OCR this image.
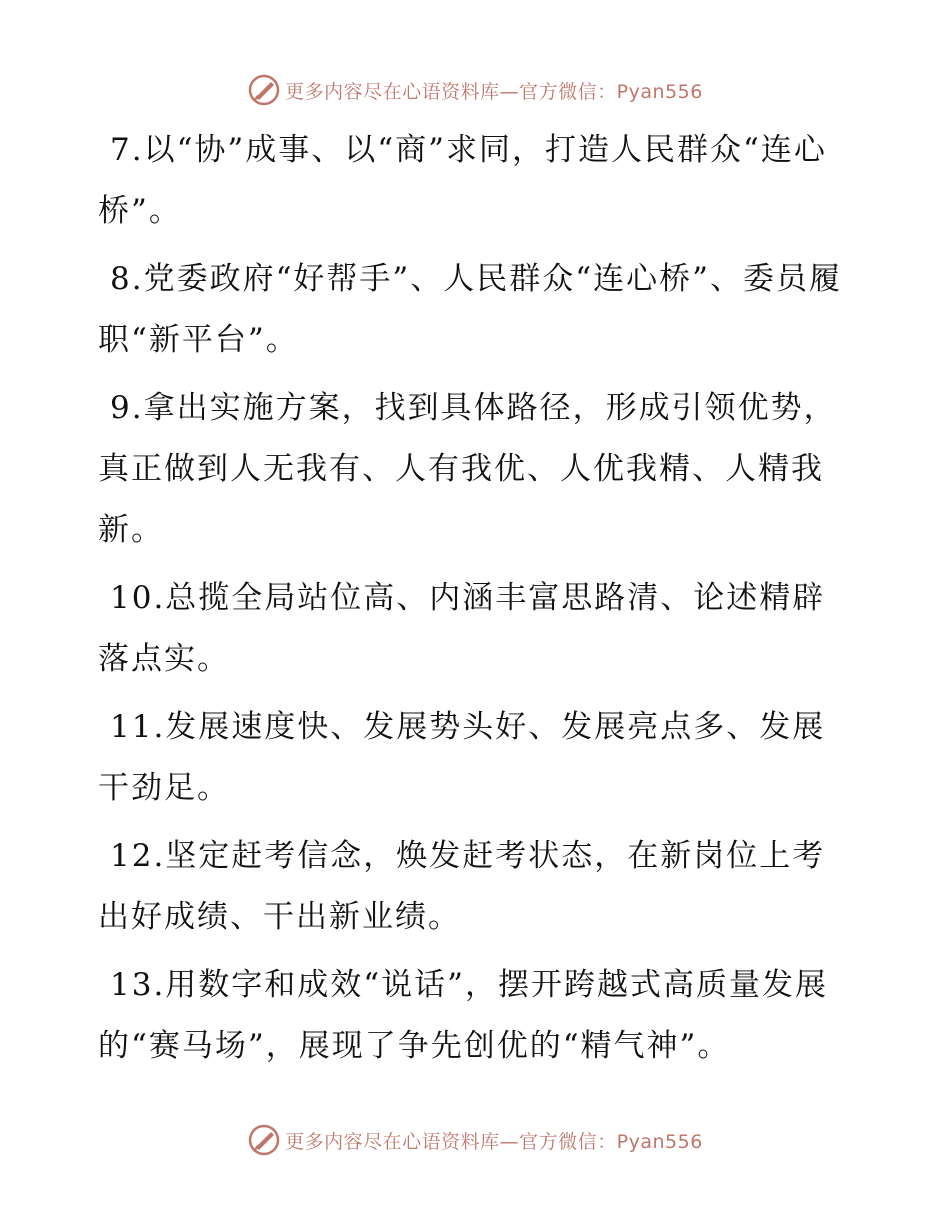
更多内容尽在心语资料库—官方微信：Pyan556

7.以“协”成事、以“商”求同，打造人民群众“连心桥”。

8.党委政府“好帮手”、人民群众“连心桥”、委员履职“新平台”。

9.拿出实施方案，找到具体路径，形成引领优势，真正做到人无我有、人有我优、人优我精、人精我新。

10.总揽全局站位高、内涵丰富思路清、论述精辟落点实。

11.发展速度快、发展势头好、发展亮点多、发展干劲足。

12.坚定赶考信念，焕发赶考状态，在新岗位上考出好成绩、干出新业绩。

13.用数字和成效“说话”，摆开跨越式高质量发展的“赛马场”，展现了争先创优的“精气神”。

更多内容尽在心语资料库—官方微信：Pyan556
